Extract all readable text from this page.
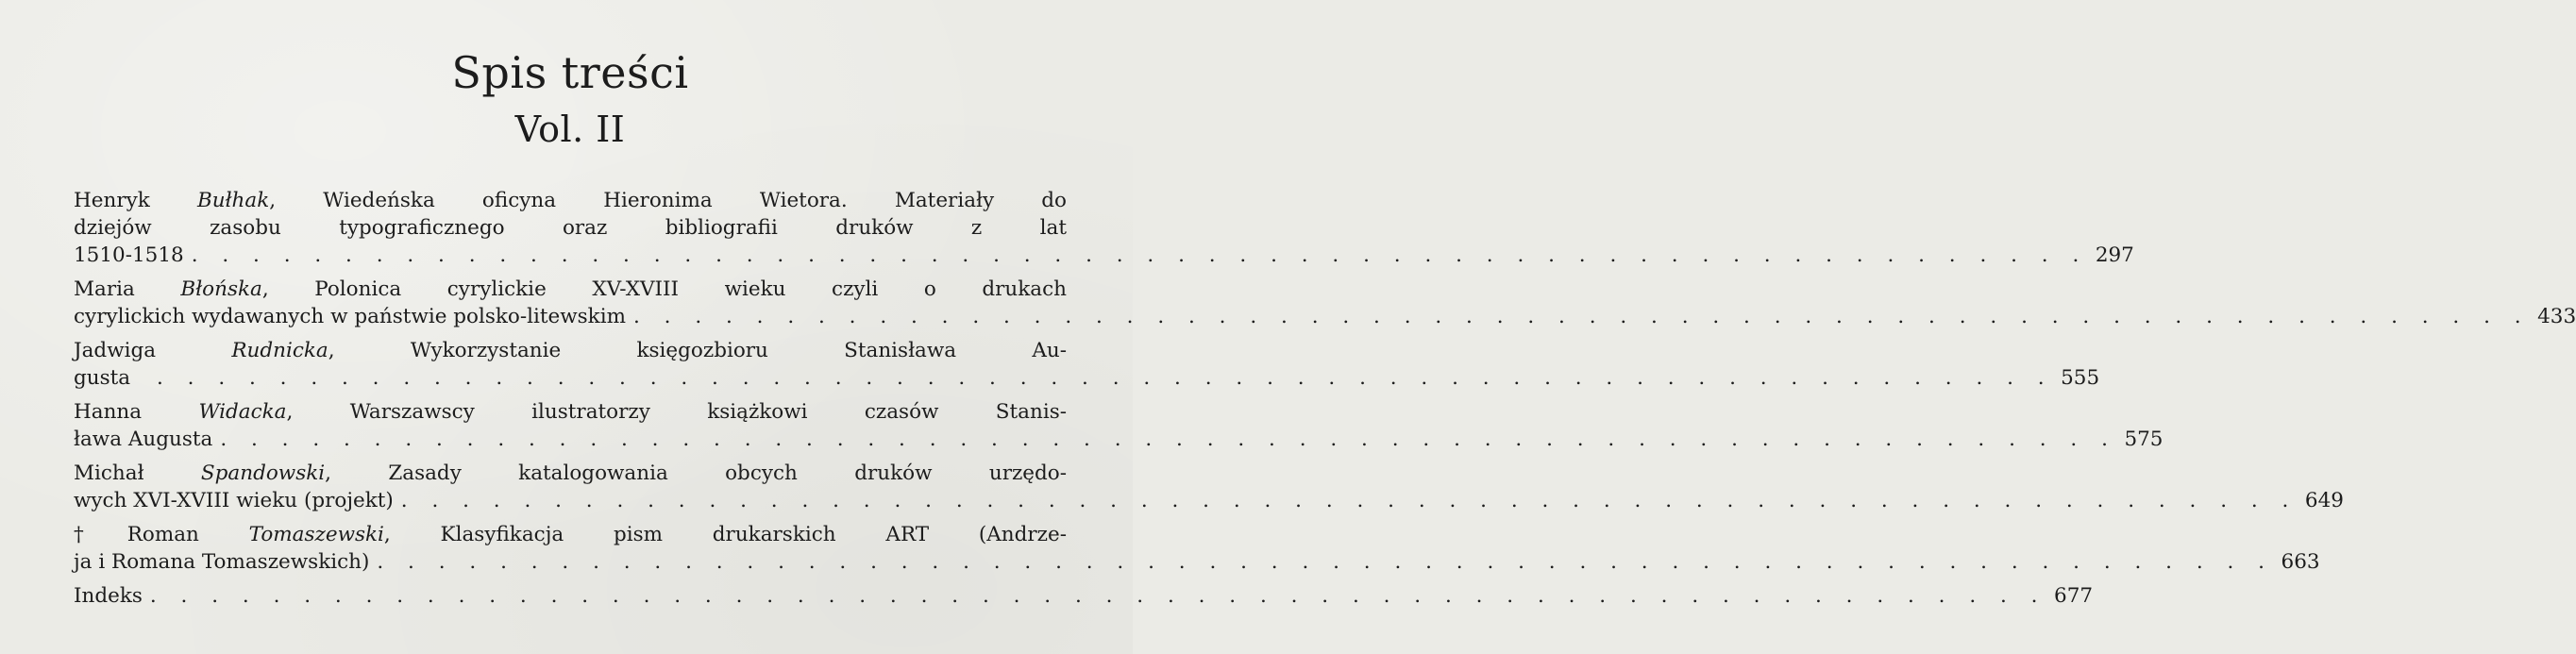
Spis treści
Vol. II
Henryk Bułhak, Wiedeńska oficyna Hieronima Wietora. Materiały do
dziejów zasobu typograficznego oraz bibliografii druków z lat
1510-1518 . . . . . . . . . . . . . . . . . . . . . . . . . . . . . . . . . . . . . . . . . . . . . . . . . . . . . . . . . . . . . . 297
Maria Błońska, Polonica cyrylickie XV-XVIII wieku czyli o drukach
cyrylickich wydawanych w państwie polsko-litewskim . . . . . . . . . . . . . . . . . . . . . . . . . . . . . . . . . . . . . . . . . . . . . . . . . . . . . . . . . . . . . . 433
Jadwiga	Rudnicka, Wykorzystanie księgozbioru Stanisława Au-
gusta	. . . . . . . . . . . . . . . . . . . . . . . . . . . . . . . . . . . . . . . . . . . . . . . . . . . . . . . . . . . . . . 555
Hanna	Widacka, Warszawscy ilustratorzy książkowi czasów Stanis-
ława Augusta . . . . . . . . . . . . . . . . . . . . . . . . . . . . . . . . . . . . . . . . . . . . . . . . . . . . . . . . . . . . . . 575
Michał	Spandowski, Zasady katalogowania obcych druków urzędo-
wych XVI-XVIII wieku (projekt) . . . . . . . . . . . . . . . . . . . . . . . . . . . . . . . . . . . . . . . . . . . . . . . . . . . . . . . . . . . . . . 649
†Roman Tomaszewski, Klasyfikacja pism drukarskich ART (Andrze-
ja i Romana Tomaszewskich) . . . . . . . . . . . . . . . . . . . . . . . . . . . . . . . . . . . . . . . . . . . . . . . . . . . . . . . . . . . . . . 663
Indeks . . . . . . . . . . . . . . . . . . . . . . . . . . . . . . . . . . . . . . . . . . . . . . . . . . . . . . . . . . . . . . 677
